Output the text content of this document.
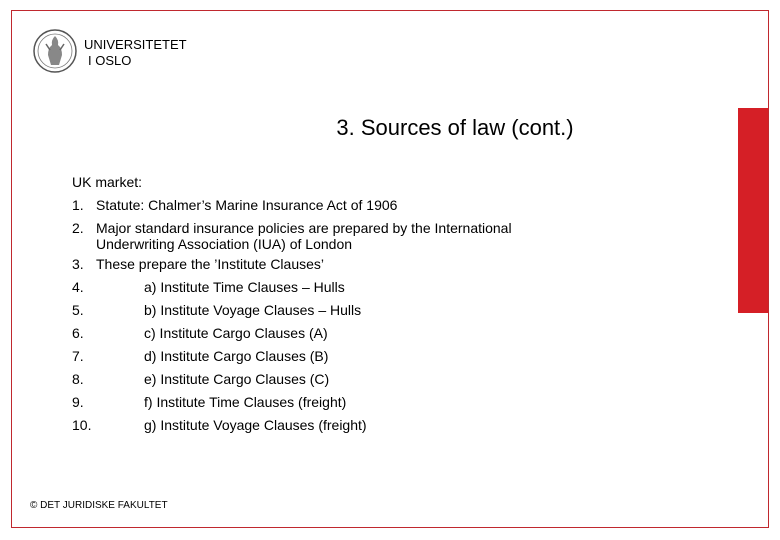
UNIVERSITETET
I OSLO
3. Sources of law (cont.)
UK market:
1. Statute: Chalmer’s Marine Insurance Act of 1906
2. Major standard insurance policies are prepared by the International
Underwriting Association (IUA) of London
3. These prepare the ’Institute Clauses’
4.	a) Institute Time Clauses – Hulls
5.	b) Institute Voyage Clauses – Hulls
6.	c) Institute Cargo Clauses (A)
7.	d) Institute Cargo Clauses (B)
8.	e) Institute Cargo Clauses (C)
9.	f) Institute Time Clauses (freight)
10.	g) Institute Voyage Clauses (freight)
© DET JURIDISKE FAKULTET
